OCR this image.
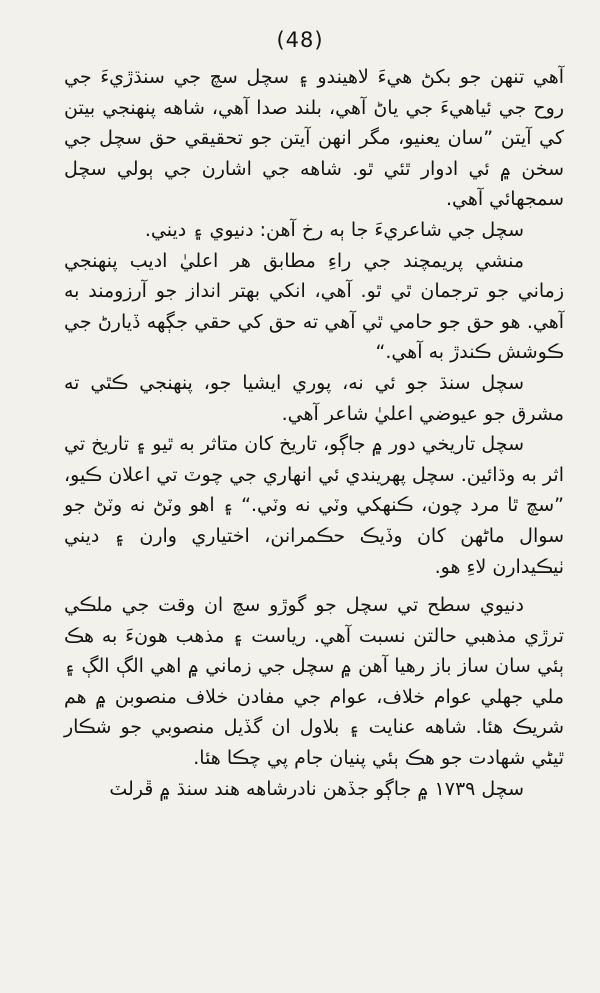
(48)

آهي تنهن جو بکڻ هيءَ لاهيندو ۽ سچل سچ جي سنڌڙيءَ جي روح جي ئياهيءَ جي ياڻ آهي، بلند صدا آهي، شاهه پنهنجي بيتن کي آيتن ”سان يعنيو، مگر انهن آيتن جو تحقيقي حق سچل جي سخن ۾ ئي ادوار ٿئي ٿو. شاهه جي اشارن جي ٻولي سچل سمجهائي آهي.

سچل جي شاعريءَ جا ٻه رخ آهن: دنيوي ۽ ديني.

منشي پريمچند جي راءِ مطابق هر اعليٰ اديب پنهنجي زماني جو ترجمان ٿي ٿو. آهي، انکي بهتر انداز جو آرزومند به آهي. هو حق جو حامي ٿي آهي ته حق کي حقي جڳهه ڏيارڻ جي ڪوشش ڪندڙ به آهي.“

سچل سنڌ جو ئي نه، پوري ايشيا جو، پنهنجي ڪٿي ته مشرق جو عيوضي اعليٰ شاعر آهي.

سچل تاريخي دور ۾ جاڳو، تاريخ کان متاثر به ٿيو ۽ تاريخ تي اثر به وڌائين. سچل پهريندي ئي انهاري جي چوٽ تي اعلان ڪيو، ”سچ ٿا مرد چون، ڪنهکي وٽي نه وٽي.“ ۽ اهو وٽڻ نه وٽڻ جو سوال ماڻهن کان وڏيڪ حڪمرانن، اختياري وارن ۽ ديني ٺيڪيدارن لاءِ هو.

دنيوي سطح تي سچل جو گوڙو سچ ان وقت جي ملڪي ترڙي مذهبي حالتن نسبت آهي. رياست ۽ مذهب هونءَ به هڪ ٻئي سان ساز باز رهيا آهن ۾ سچل جي زماني ۾ اهي الڳ الڳ ۽ ملي جهلي عوام خلاف، عوام جي مفادن خلاف منصوبن ۾ هم شريڪ هئا. شاهه عنايت ۽ بلاول ان گڏيل منصوبي جو شڪار ٿيڻي شهادت جو هڪ ٻئي پنيان جام پي چڪا هئا.

سچل ۱۷۳۹ ۾ جاڳو جڏهن نادرشاهه هند سنڌ ۾ ڦرلٽ
